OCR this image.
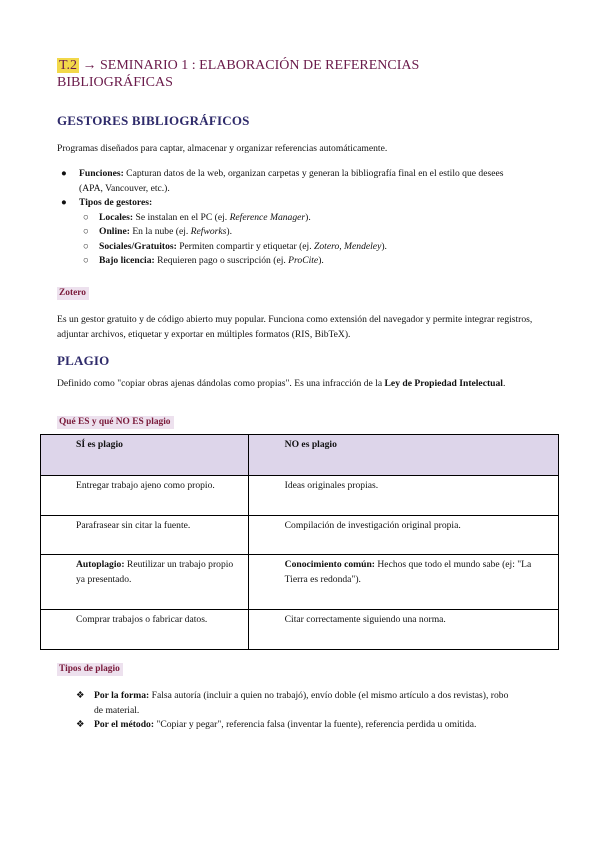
T.2 → SEMINARIO 1 : ELABORACIÓN DE REFERENCIAS BIBLIOGRÁFICAS
GESTORES BIBLIOGRÁFICOS
Programas diseñados para captar, almacenar y organizar referencias automáticamente.
● Funciones: Capturan datos de la web, organizan carpetas y generan la bibliografía final en el estilo que desees (APA, Vancouver, etc.).
● Tipos de gestores:
○ Locales: Se instalan en el PC (ej. Reference Manager).
○ Online: En la nube (ej. Refworks).
○ Sociales/Gratuitos: Permiten compartir y etiquetar (ej. Zotero, Mendeley).
○ Bajo licencia: Requieren pago o suscripción (ej. ProCite).
Zotero
Es un gestor gratuito y de código abierto muy popular. Funciona como extensión del navegador y permite integrar registros, adjuntar archivos, etiquetar y exportar en múltiples formatos (RIS, BibTeX).
PLAGIO
Definido como "copiar obras ajenas dándolas como propias". Es una infracción de la Ley de Propiedad Intelectual.
Qué ES y qué NO ES plagio
SÍ es plagio	NO es plagio

Entregar trabajo ajeno como propio.	Ideas originales propias.

Parafrasear sin citar la fuente.	Compilación de investigación original propia.

Autoplagio: Reutilizar un trabajo propio ya presentado.	Conocimiento común: Hechos que todo el mundo sabe (ej: "La Tierra es redonda").

Comprar trabajos o fabricar datos.	Citar correctamente siguiendo una norma.
Tipos de plagio
❖ Por la forma: Falsa autoría (incluir a quien no trabajó), envío doble (el mismo artículo a dos revistas), robo de material.
❖ Por el método: "Copiar y pegar", referencia falsa (inventar la fuente), referencia perdida u omitida.
